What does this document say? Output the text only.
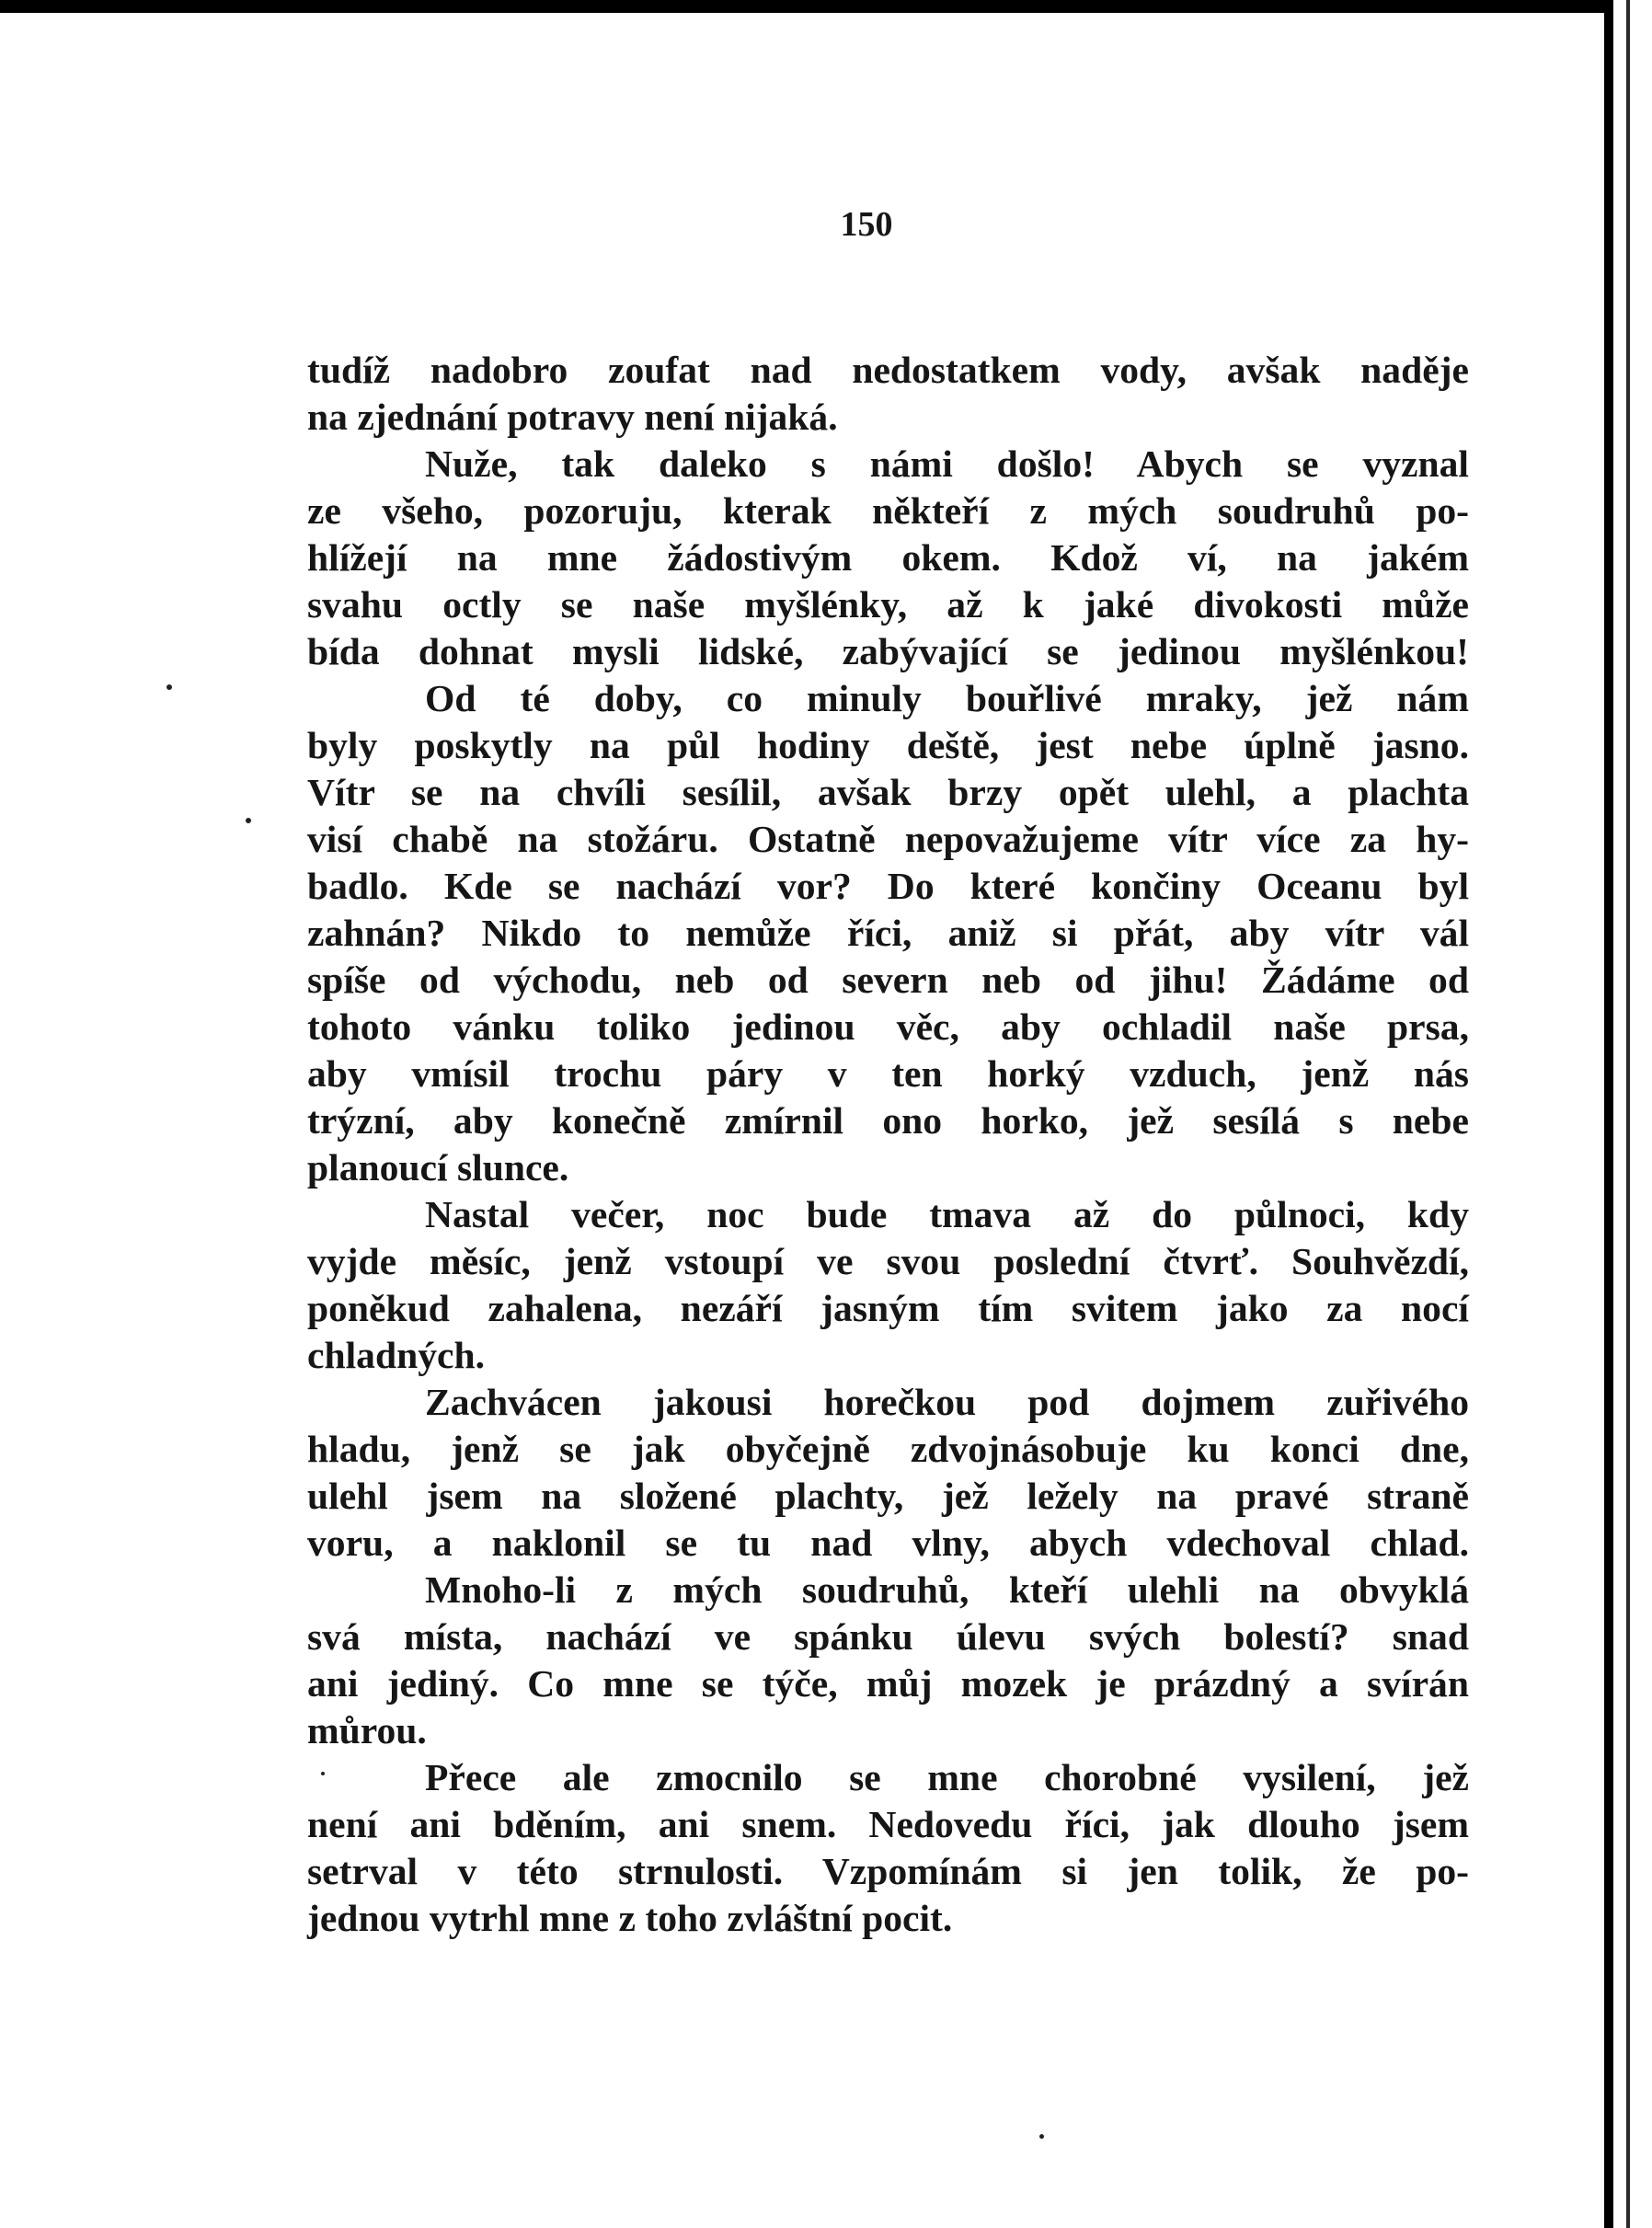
150
tudíž nadobro zoufat nad nedostatkem vody, avšak naděje
na zjednání potravy není nijaká.
Nuže, tak daleko s námi došlo! Abych se vyznal
ze všeho, pozoruju, kterak někteří z mých soudruhů po-
hlížejí na mne žádostivým okem. Kdož ví, na jakém
svahu octly se naše myšlénky, až k jaké divokosti může
bída dohnat mysli lidské, zabývající se jedinou myšlénkou!
Od té doby, co minuly bouřlivé mraky, jež nám
byly poskytly na půl hodiny deště, jest nebe úplně jasno.
Vítr se na chvíli sesílil, avšak brzy opět ulehl, a plachta
visí chabě na stožáru. Ostatně nepovažujeme vítr více za hy-
badlo. Kde se nachází vor? Do které končiny Oceanu byl
zahnán? Nikdo to nemůže říci, aniž si přát, aby vítr vál
spíše od východu, neb od severn neb od jihu! Žádáme od
tohoto vánku toliko jedinou věc, aby ochladil naše prsa,
aby vmísil trochu páry v ten horký vzduch, jenž nás
trýzní, aby konečně zmírnil ono horko, jež sesílá s nebe
planoucí slunce.
Nastal večer, noc bude tmava až do půlnoci, kdy
vyjde měsíc, jenž vstoupí ve svou poslední čtvrť. Souhvězdí,
poněkud zahalena, nezáří jasným tím svitem jako za nocí
chladných.
Zachvácen jakousi horečkou pod dojmem zuřivého
hladu, jenž se jak obyčejně zdvojnásobuje ku konci dne,
ulehl jsem na složené plachty, jež ležely na pravé straně
voru, a naklonil se tu nad vlny, abych vdechoval chlad.
Mnoho-li z mých soudruhů, kteří ulehli na obvyklá
svá místa, nachází ve spánku úlevu svých bolestí? snad
ani jediný. Co mne se týče, můj mozek je prázdný a svírán
můrou.
Přece ale zmocnilo se mne chorobné vysilení, jež
není ani bděním, ani snem. Nedovedu říci, jak dlouho jsem
setrval v této strnulosti. Vzpomínám si jen tolik, že po-
jednou vytrhl mne z toho zvláštní pocit.
